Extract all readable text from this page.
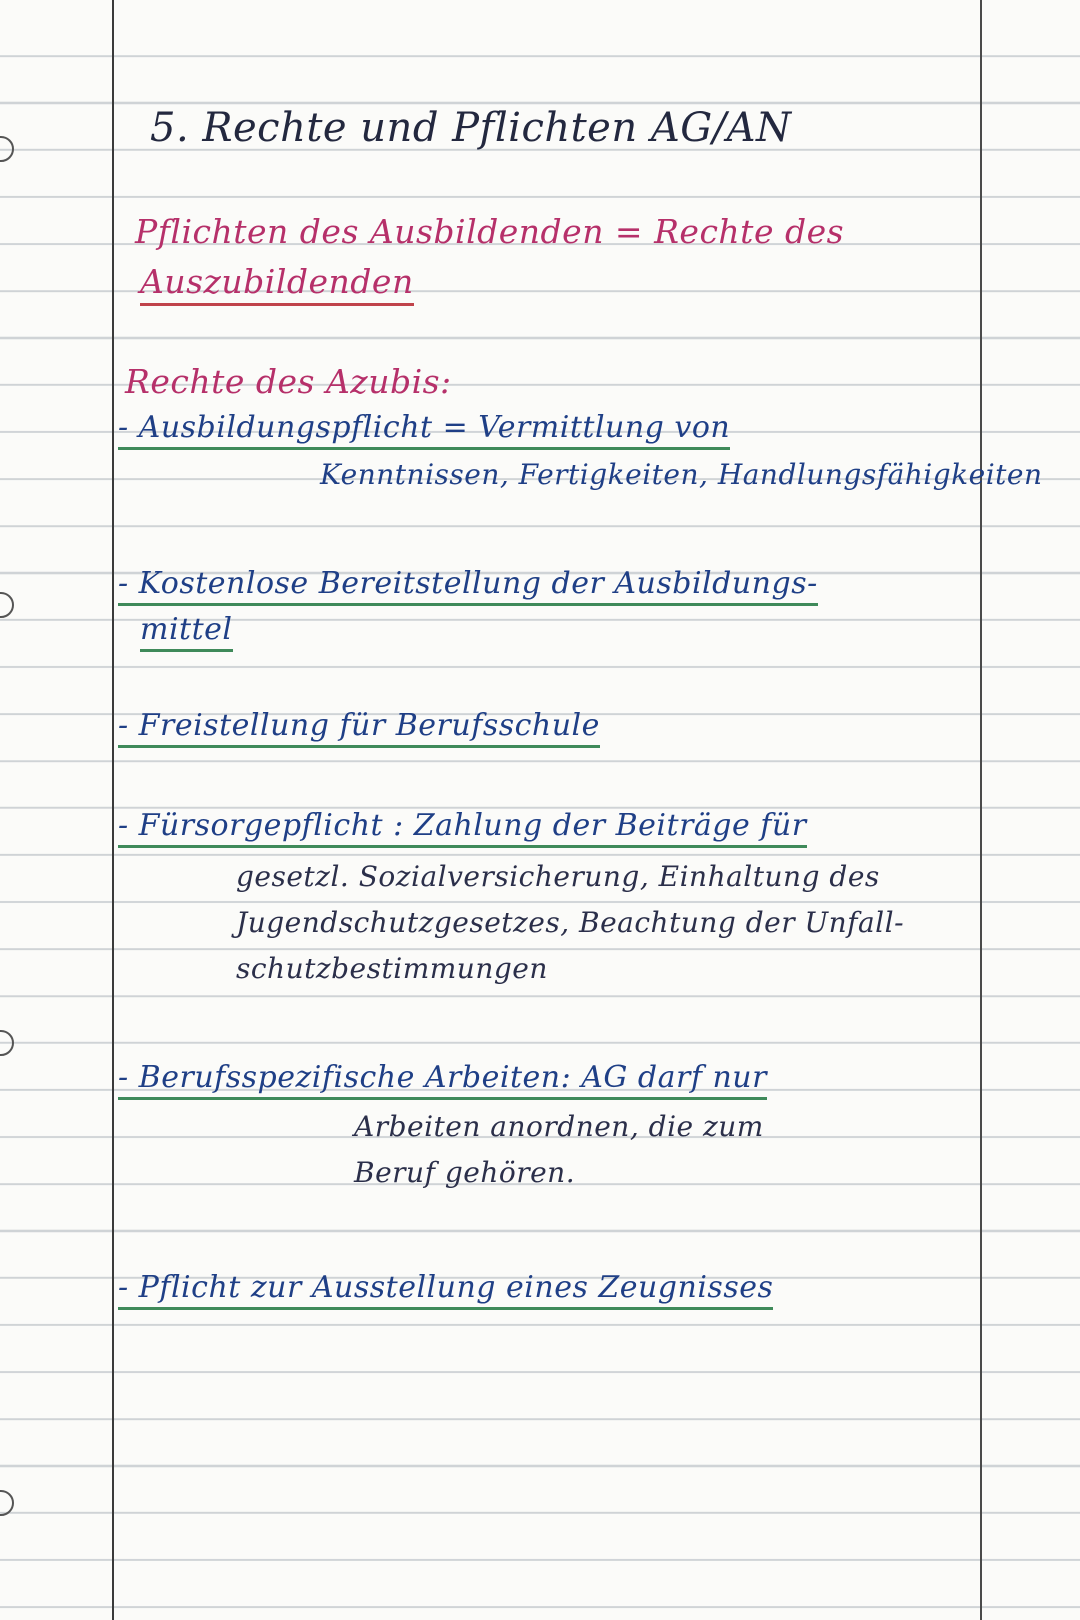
5. Rechte und Pflichten AG/AN
Pflichten des Ausbildenden = Rechte des
Auszubildenden
Rechte des Azubis:
- Ausbildungspflicht = Vermittlung von
Kenntnissen, Fertigkeiten, Handlungsfähigkeiten
- Kostenlose Bereitstellung der Ausbildungs-
mittel
- Freistellung für Berufsschule
- Fürsorgepflicht : Zahlung der Beiträge für
gesetzl. Sozialversicherung, Einhaltung des
Jugendschutzgesetzes, Beachtung der Unfall-
schutzbestimmungen
- Berufsspezifische Arbeiten: AG darf nur
Arbeiten anordnen, die zum
Beruf gehören.
- Pflicht zur Ausstellung eines Zeugnisses
